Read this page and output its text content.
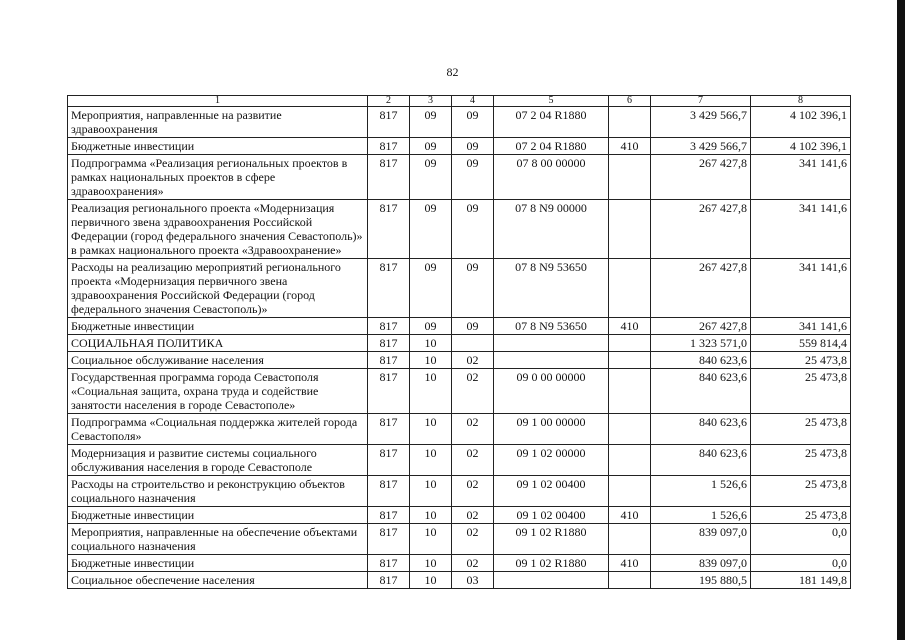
82
1	2	3	4	5	6	7	8
Мероприятия, направленные на развитие здравоохранения	817	09	09	07 2 04 R1880		3 429 566,7	4 102 396,1
Бюджетные инвестиции	817	09	09	07 2 04 R1880	410	3 429 566,7	4 102 396,1
Подпрограмма «Реализация региональных проектов в рамках национальных проектов в сфере здравоохранения»	817	09	09	07 8 00 00000		267 427,8	341 141,6
Реализация регионального проекта «Модернизация первичного звена здравоохранения Российской Федерации (город федерального значения Севастополь)» в рамках национального проекта «Здравоохранение»	817	09	09	07 8 N9 00000		267 427,8	341 141,6
Расходы на реализацию мероприятий регионального проекта «Модернизация первичного звена здравоохранения Российской Федерации (город федерального значения Севастополь)»	817	09	09	07 8 N9 53650		267 427,8	341 141,6
Бюджетные инвестиции	817	09	09	07 8 N9 53650	410	267 427,8	341 141,6
СОЦИАЛЬНАЯ ПОЛИТИКА	817	10				1 323 571,0	559 814,4
Социальное обслуживание населения	817	10	02			840 623,6	25 473,8
Государственная программа города Севастополя «Социальная защита, охрана труда и содействие занятости населения в городе Севастополе»	817	10	02	09 0 00 00000		840 623,6	25 473,8
Подпрограмма «Социальная поддержка жителей города Севастополя»	817	10	02	09 1 00 00000		840 623,6	25 473,8
Модернизация и развитие системы социального обслуживания населения в городе Севастополе	817	10	02	09 1 02 00000		840 623,6	25 473,8
Расходы на строительство и реконструкцию объектов социального назначения	817	10	02	09 1 02 00400		1 526,6	25 473,8
Бюджетные инвестиции	817	10	02	09 1 02 00400	410	1 526,6	25 473,8
Мероприятия, направленные на обеспечение объектами социального назначения	817	10	02	09 1 02 R1880		839 097,0	0,0
Бюджетные инвестиции	817	10	02	09 1 02 R1880	410	839 097,0	0,0
Социальное обеспечение населения	817	10	03			195 880,5	181 149,8
